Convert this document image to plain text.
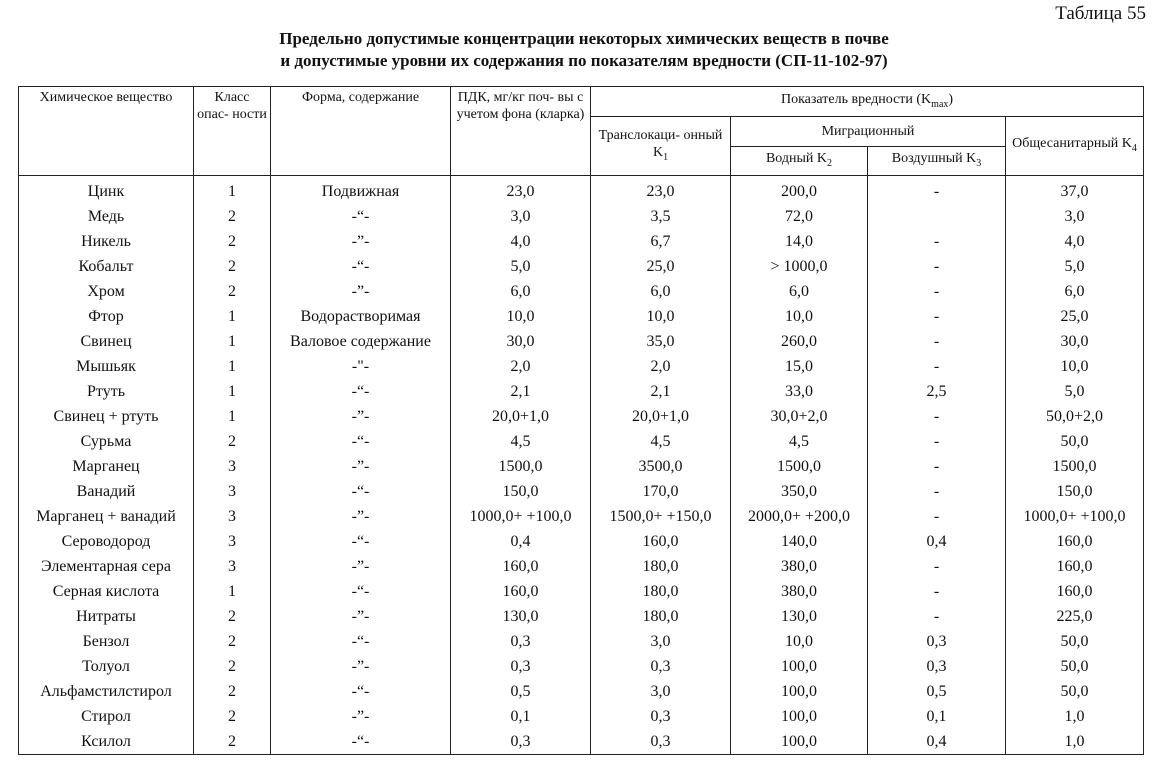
Таблица 55
Предельно допустимые концентрации некоторых химических веществ в почве
и допустимые уровни их содержания по показателям вредности (СП-11-102-97)
Химическое вещество	Класс опас- ности	Форма, содержание	ПДК, мг/кг поч- вы с учетом фона (кларка)	Показатель вредности $(K_{max})$			
				Транслокаци- онный $K_1$	Миграционный		Общесанитарный $K_4$
					Водный $K_2$	Воздушный $K_3$
Цинк	1	Подвижная	23,0	23,0	200,0	-	37,0
Медь	2	-“-	3,0	3,5	72,0		3,0
Никель	2	-”-	4,0	6,7	14,0	-	4,0
Кобальт	2	-“-	5,0	25,0	> 1000,0	-	5,0
Хром	2	-”-	6,0	6,0	6,0	-	6,0
Фтор	1	Водорастворимая	10,0	10,0	10,0	-	25,0
Свинец	1	Валовое содержание	30,0	35,0	260,0	-	30,0
Мышьяк	1	-"-	2,0	2,0	15,0	-	10,0
Ртуть	1	-“-	2,1	2,1	33,0	2,5	5,0
Свинец + ртуть	1	-”-	20,0+1,0	20,0+1,0	30,0+2,0	-	50,0+2,0
Сурьма	2	-“-	4,5	4,5	4,5	-	50,0
Марганец	3	-”-	1500,0	3500,0	1500,0	-	1500,0
Ванадий	3	-“-	150,0	170,0	350,0	-	150,0
Марганец + ванадий	3	-”-	1000,0+ +100,0	1500,0+ +150,0	2000,0+ +200,0	-	1000,0+ +100,0
Сероводород	3	-“-	0,4	160,0	140,0	0,4	160,0
Элементарная сера	3	-”-	160,0	180,0	380,0	-	160,0
Серная кислота	1	-“-	160,0	180,0	380,0	-	160,0
Нитраты	2	-”-	130,0	180,0	130,0	-	225,0
Бензол	2	-“-	0,3	3,0	10,0	0,3	50,0
Толуол	2	-”-	0,3	0,3	100,0	0,3	50,0
Альфамстилстирол	2	-“-	0,5	3,0	100,0	0,5	50,0
Стирол	2	-”-	0,1	0,3	100,0	0,1	1,0
Ксилол	2	-“-	0,3	0,3	100,0	0,4	1,0
